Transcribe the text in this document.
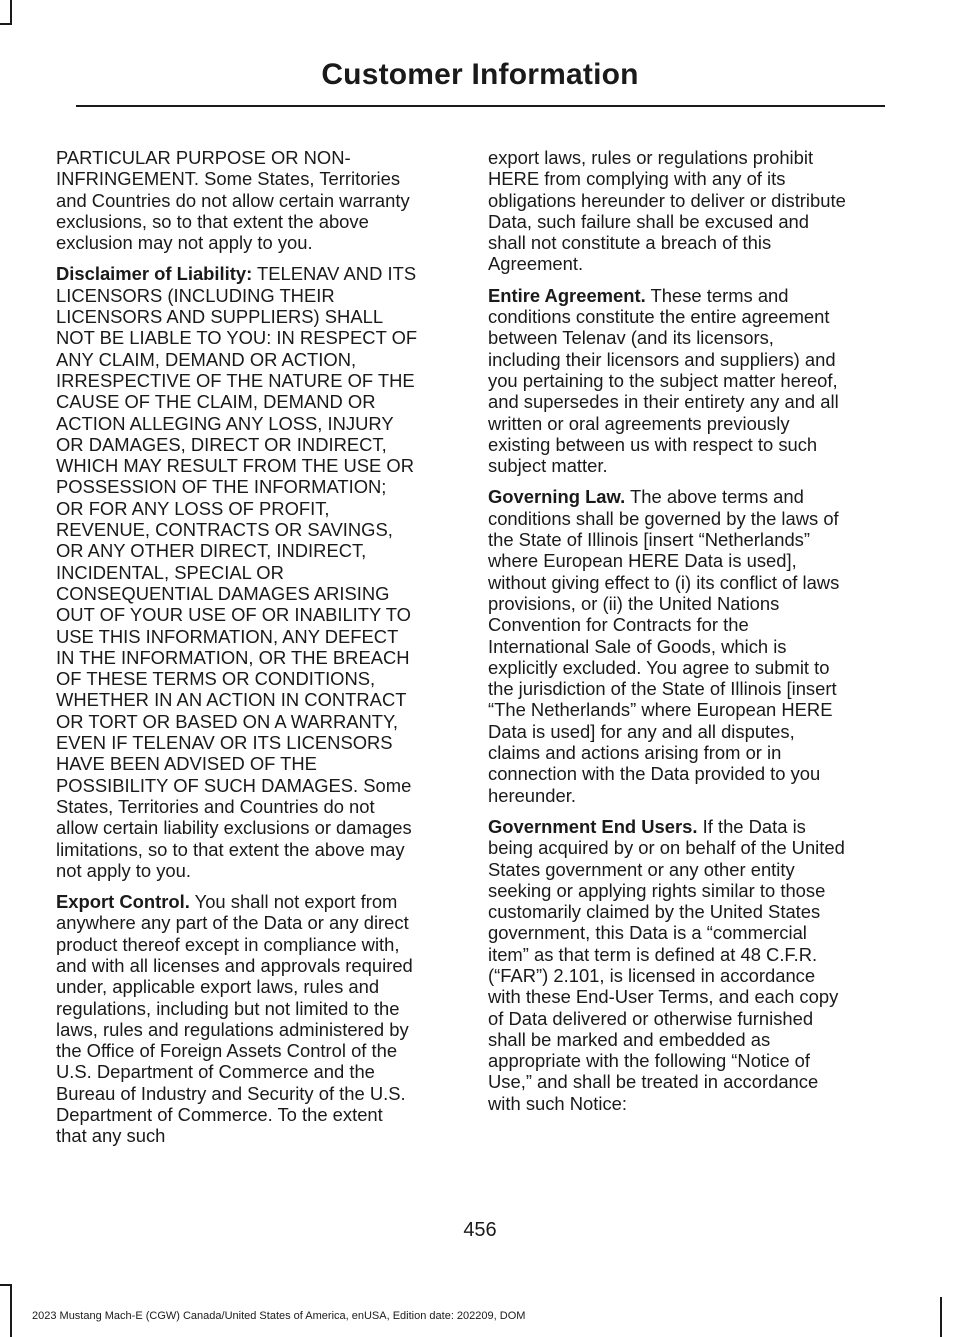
Customer Information

PARTICULAR PURPOSE OR NON-INFRINGEMENT. Some States, Territories and Countries do not allow certain warranty exclusions, so to that extent the above exclusion may not apply to you.

Disclaimer of Liability: TELENAV AND ITS LICENSORS (INCLUDING THEIR LICENSORS AND SUPPLIERS) SHALL NOT BE LIABLE TO YOU: IN RESPECT OF ANY CLAIM, DEMAND OR ACTION, IRRESPECTIVE OF THE NATURE OF THE CAUSE OF THE CLAIM, DEMAND OR ACTION ALLEGING ANY LOSS, INJURY OR DAMAGES, DIRECT OR INDIRECT, WHICH MAY RESULT FROM THE USE OR POSSESSION OF THE INFORMATION; OR FOR ANY LOSS OF PROFIT, REVENUE, CONTRACTS OR SAVINGS, OR ANY OTHER DIRECT, INDIRECT, INCIDENTAL, SPECIAL OR CONSEQUENTIAL DAMAGES ARISING OUT OF YOUR USE OF OR INABILITY TO USE THIS INFORMATION, ANY DEFECT IN THE INFORMATION, OR THE BREACH OF THESE TERMS OR CONDITIONS, WHETHER IN AN ACTION IN CONTRACT OR TORT OR BASED ON A WARRANTY, EVEN IF TELENAV OR ITS LICENSORS HAVE BEEN ADVISED OF THE POSSIBILITY OF SUCH DAMAGES. Some States, Territories and Countries do not allow certain liability exclusions or damages limitations, so to that extent the above may not apply to you.

Export Control. You shall not export from anywhere any part of the Data or any direct product thereof except in compliance with, and with all licenses and approvals required under, applicable export laws, rules and regulations, including but not limited to the laws, rules and regulations administered by the Office of Foreign Assets Control of the U.S. Department of Commerce and the Bureau of Industry and Security of the U.S. Department of Commerce. To the extent that any such

export laws, rules or regulations prohibit HERE from complying with any of its obligations hereunder to deliver or distribute Data, such failure shall be excused and shall not constitute a breach of this Agreement.

Entire Agreement. These terms and conditions constitute the entire agreement between Telenav (and its licensors, including their licensors and suppliers) and you pertaining to the subject matter hereof, and supersedes in their entirety any and all written or oral agreements previously existing between us with respect to such subject matter.

Governing Law. The above terms and conditions shall be governed by the laws of the State of Illinois [insert “Netherlands” where European HERE Data is used], without giving effect to (i) its conflict of laws provisions, or (ii) the United Nations Convention for Contracts for the International Sale of Goods, which is explicitly excluded. You agree to submit to the jurisdiction of the State of Illinois [insert “The Netherlands” where European HERE Data is used] for any and all disputes, claims and actions arising from or in connection with the Data provided to you hereunder.

Government End Users. If the Data is being acquired by or on behalf of the United States government or any other entity seeking or applying rights similar to those customarily claimed by the United States government, this Data is a “commercial item” as that term is defined at 48 C.F.R. (“FAR”) 2.101, is licensed in accordance with these End-User Terms, and each copy of Data delivered or otherwise furnished shall be marked and embedded as appropriate with the following “Notice of Use,” and shall be treated in accordance with such Notice:

456

2023 Mustang Mach-E (CGW) Canada/United States of America, enUSA, Edition date: 202209, DOM
